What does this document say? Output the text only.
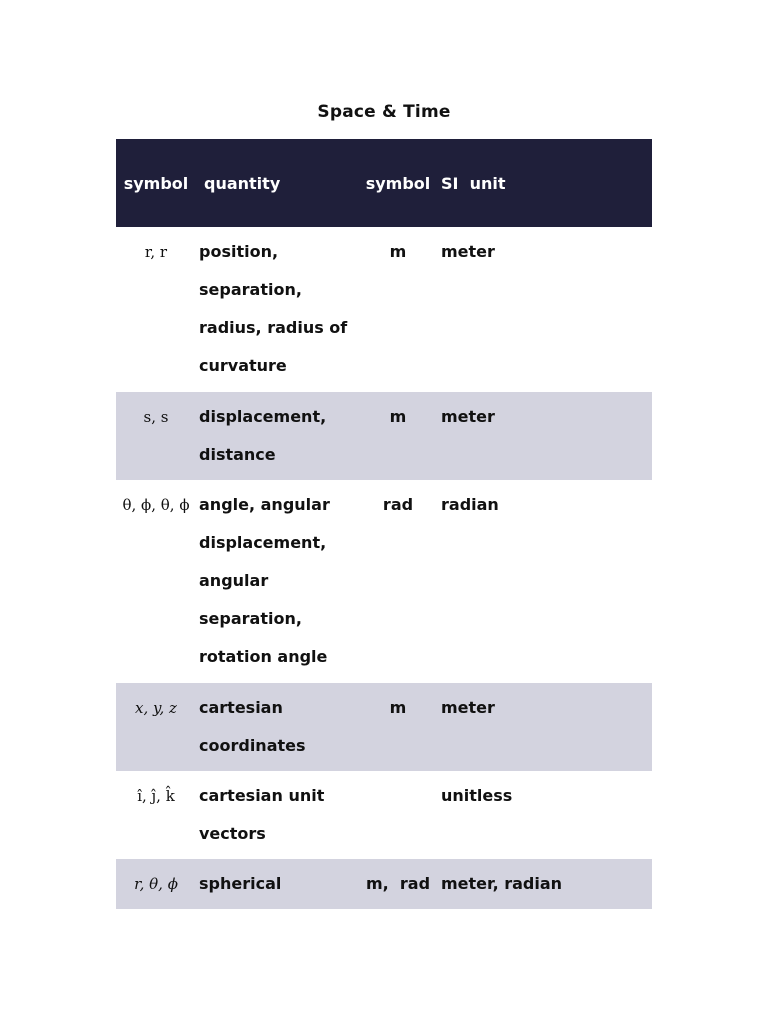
Space & Time
symbol	quantity	symbol	SI  unit
r, r	position, separation, radius, radius of curvature	m	meter
s, s	displacement, distance	m	meter
θ, ϕ, θ, ϕ	angle, angular displacement, angular separation, rotation angle	rad	radian
x, y, z	cartesian coordinates	m	meter
î, ĵ, k̂	cartesian unit vectors		unitless
r, θ, ϕ	spherical	m,  rad	meter, radian
